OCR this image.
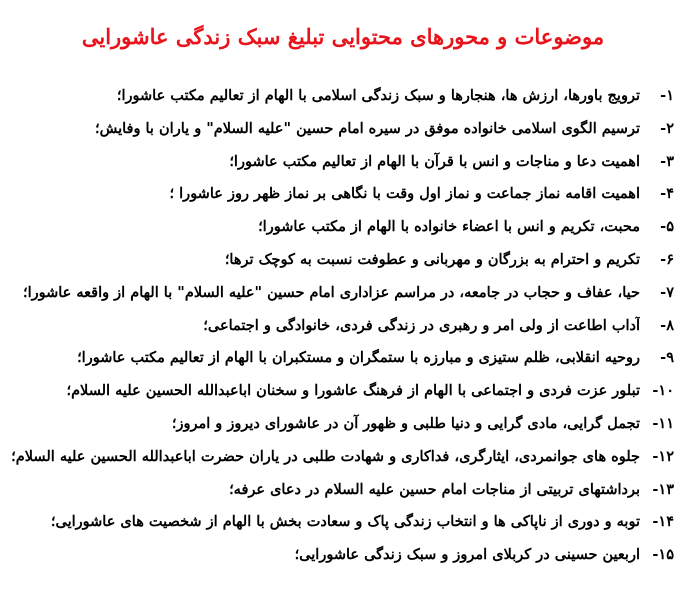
موضوعات و محورهای محتوایی تبلیغ سبک زندگی عاشورایی
۱-
ترویج باورها، ارزش ها، هنجارها و سبک زندگی اسلامی با الهام از تعالیم مکتب عاشورا؛
۲-
ترسیم الگوی اسلامی خانواده موفق در سیره امام حسین "علیه السلام" و یاران با وفایش؛
۳-
اهمیت دعا و مناجات و انس با قرآن با الهام از تعالیم مکتب عاشورا؛
۴-
اهمیت اقامه نماز جماعت و نماز اول وقت با نگاهی بر نماز ظهر روز عاشورا ؛
۵-
محبت، تکریم و انس با اعضاء خانواده با الهام از مکتب عاشورا؛
۶-
تکریم و احترام به بزرگان و مهربانی و عطوفت نسبت به کوچک ترها؛
۷-
حیا، عفاف و حجاب در جامعه، در مراسم عزاداری امام حسین "علیه السلام" با الهام از واقعه عاشورا؛
۸-
آداب اطاعت از ولی امر و رهبری در زندگی فردی، خانوادگی و اجتماعی؛
۹-
روحیه انقلابی، ظلم ستیزی و مبارزه با ستمگران و مستکبران با الهام از تعالیم مکتب عاشورا؛
۱۰-
تبلور عزت فردی و اجتماعی با الهام از فرهنگ عاشورا و سخنان اباعبدالله الحسین علیه السلام؛
۱۱-
تجمل گرایی، مادی گرایی و دنیا طلبی و ظهور آن در عاشورای دیروز و امروز؛
۱۲-
جلوه های جوانمردی، ایثارگری، فداکاری و شهادت طلبی در یاران حضرت اباعبدالله الحسین علیه السلام؛
۱۳-
برداشتهای تربیتی از مناجات امام حسین علیه السلام در دعای عرفه؛
۱۴-
توبه و دوری از ناپاکی ها و انتخاب زندگی پاک و سعادت بخش با الهام از شخصیت های عاشورایی؛
۱۵-
اربعین حسینی در کربلای امروز و سبک زندگی عاشورایی؛
